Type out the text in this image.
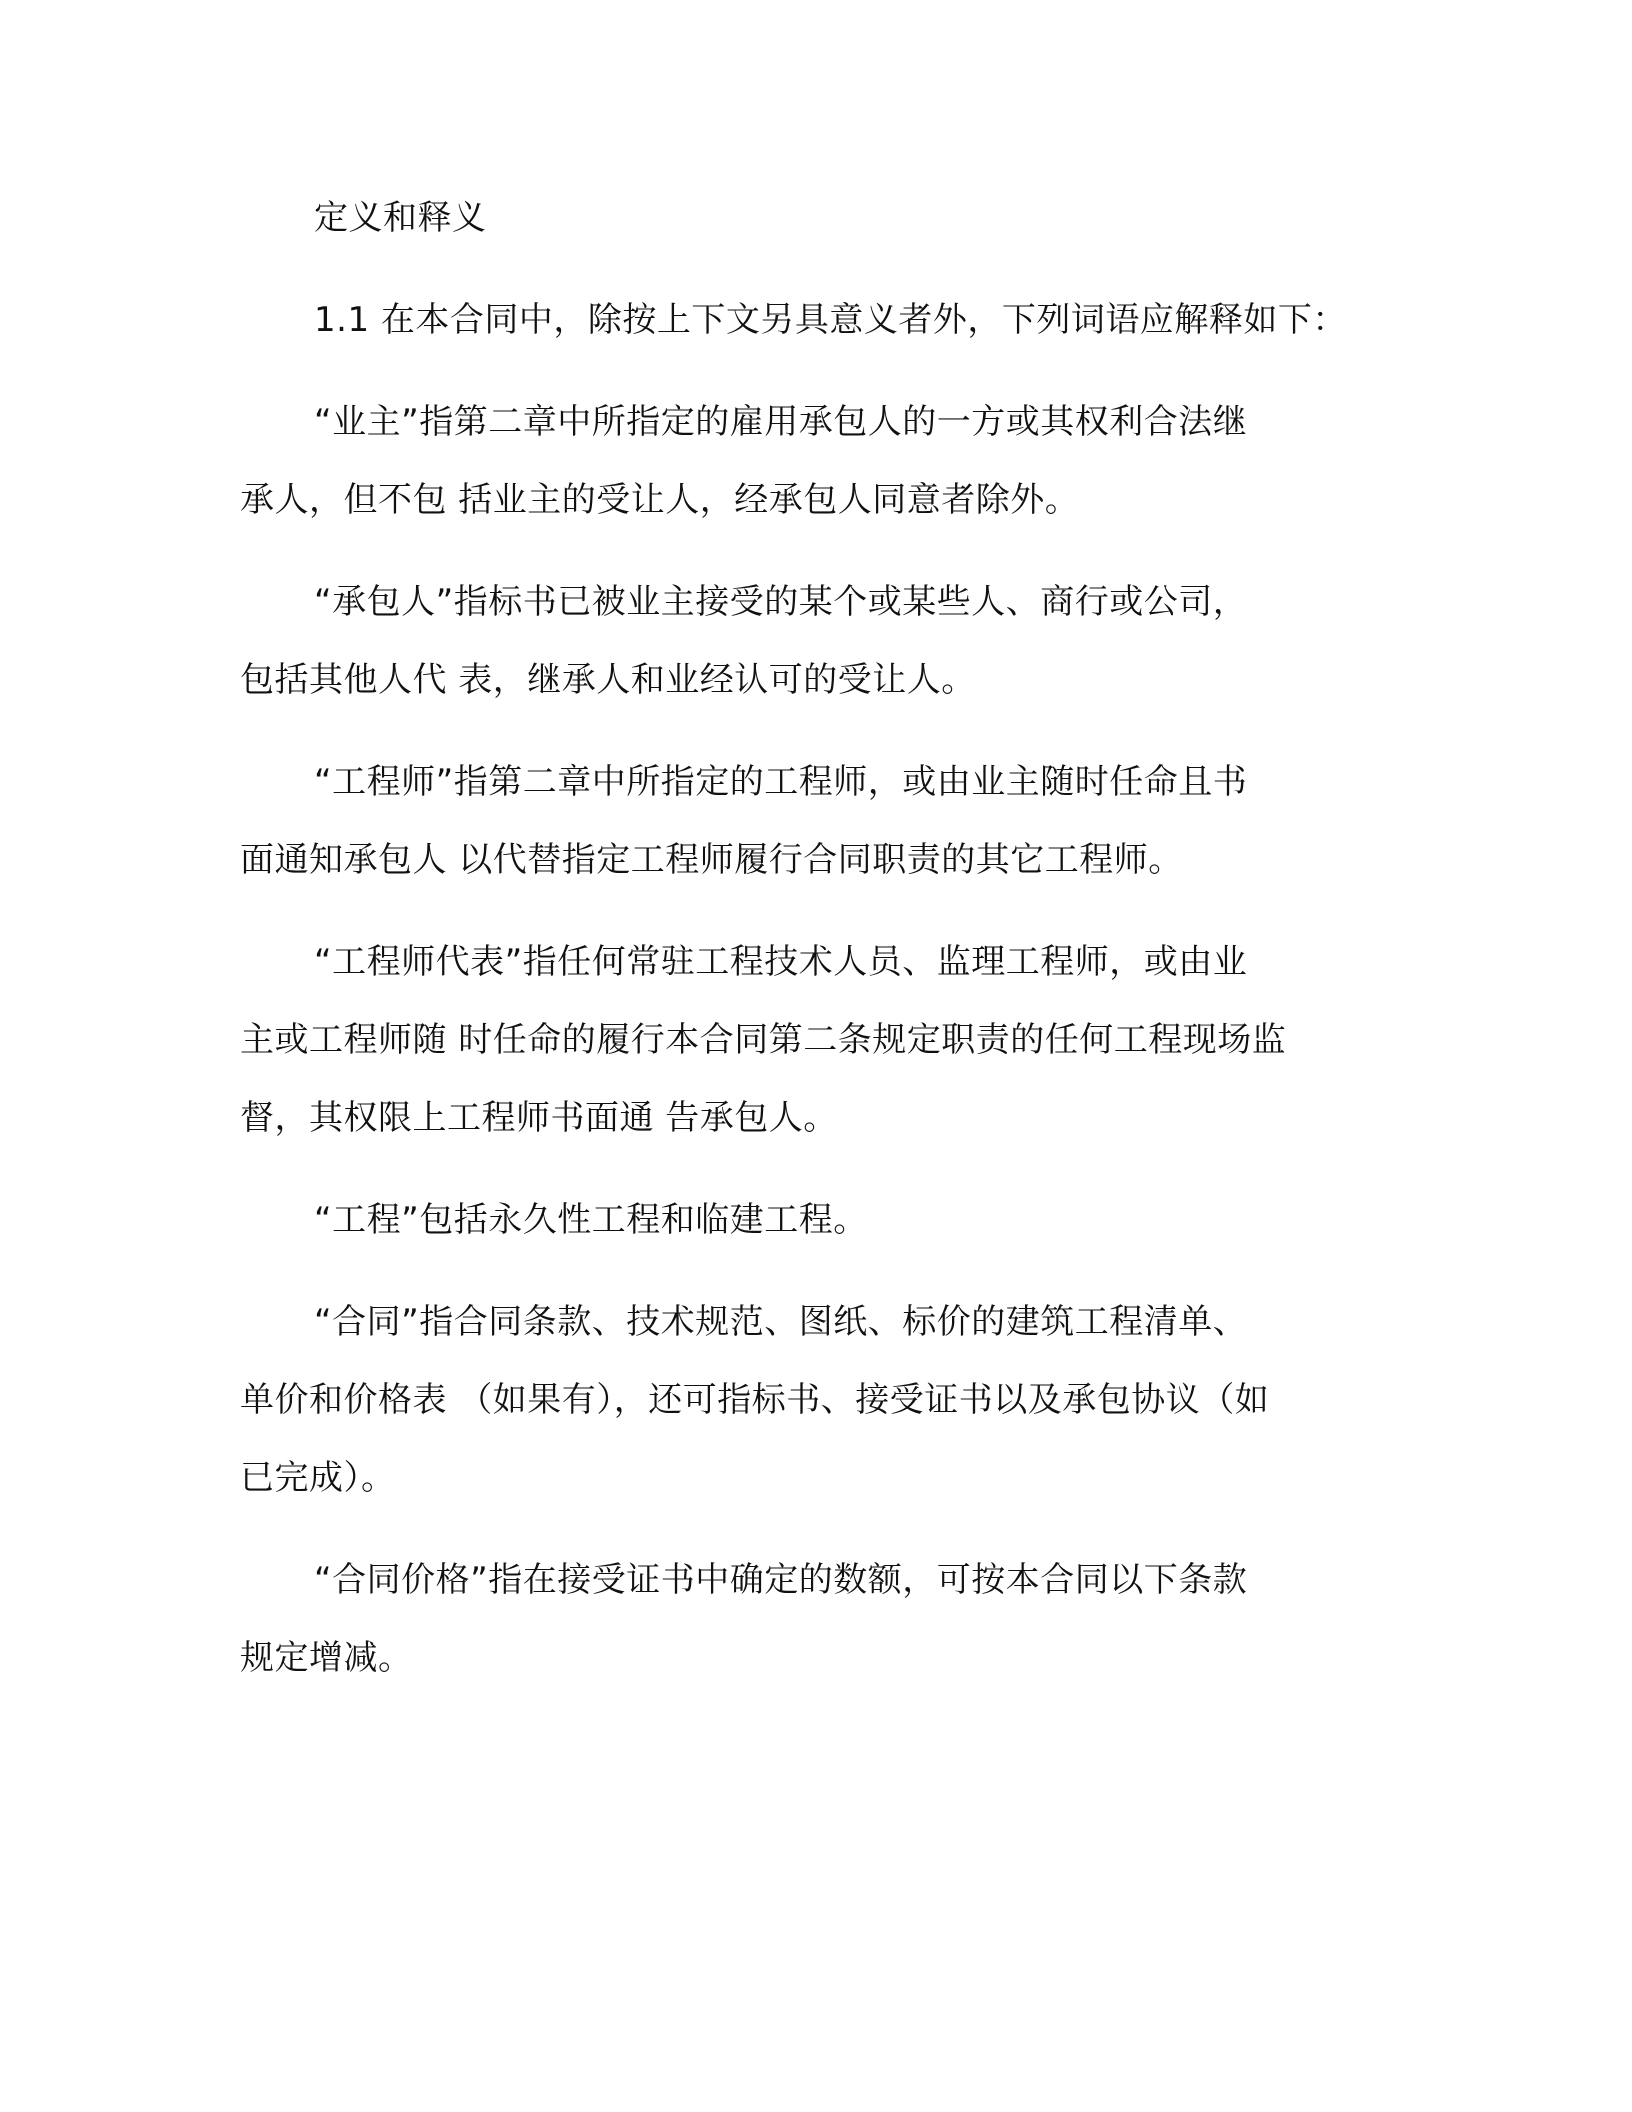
定义和释义
1.1 在本合同中，除按上下文另具意义者外，下列词语应解释如下：
“业主”指第二章中所指定的雇用承包人的一方或其权利合法继
承人，但不包 括业主的受让人，经承包人同意者除外。
“承包人”指标书已被业主接受的某个或某些人、商行或公司，
包括其他人代 表，继承人和业经认可的受让人。
“工程师”指第二章中所指定的工程师，或由业主随时任命且书
面通知承包人 以代替指定工程师履行合同职责的其它工程师。
“工程师代表”指任何常驻工程技术人员、监理工程师，或由业
主或工程师随 时任命的履行本合同第二条规定职责的任何工程现场监
督，其权限上工程师书面通 告承包人。
“工程”包括永久性工程和临建工程。
“合同”指合同条款、技术规范、图纸、标价的建筑工程清单、
单价和价格表 （如果有），还可指标书、接受证书以及承包协议（如
已完成）。
“合同价格”指在接受证书中确定的数额，可按本合同以下条款
规定增减。
